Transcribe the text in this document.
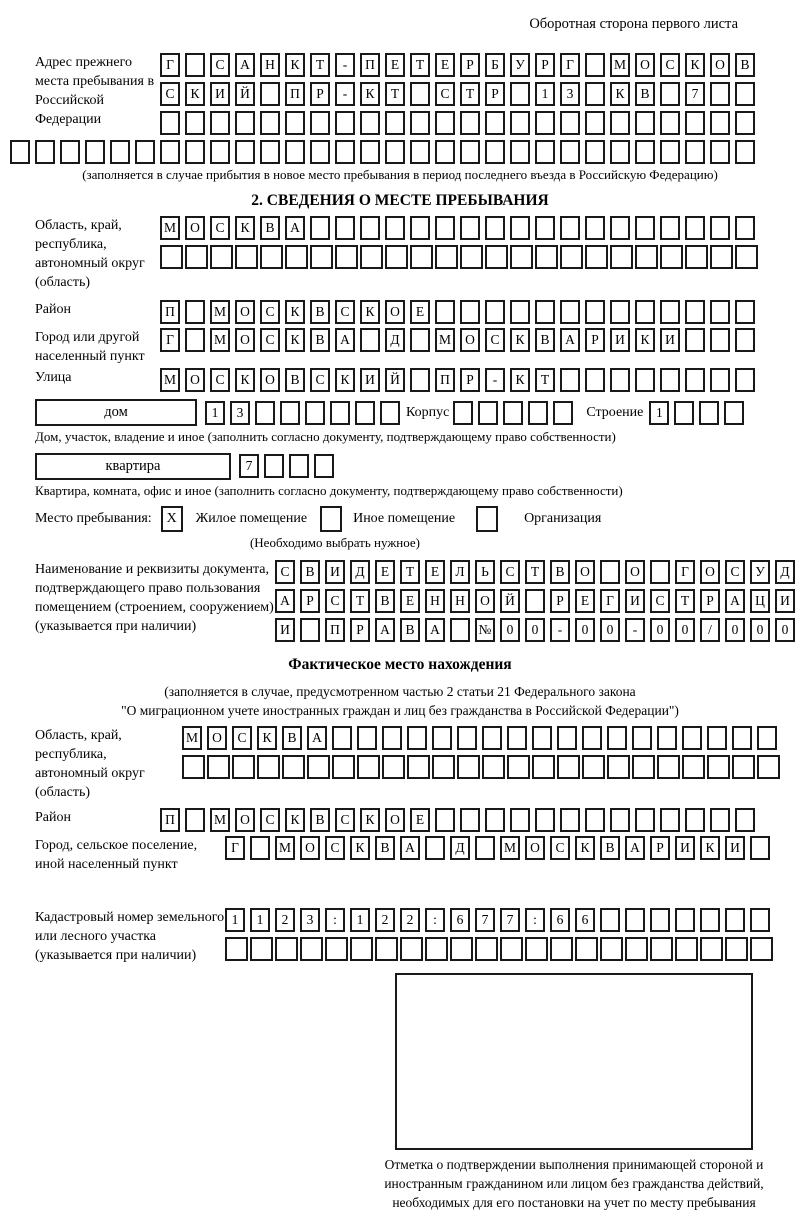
Оборотная сторона первого листа
Адрес прежнего места пребывания в Российской Федерации
Г	С	А	Н	К	Т	-	П	Е	Т	Е	Р	Б	У	Р	Г	М	О	С	К	О	В
С	К	И	Й	П	Р	-	К	Т	С	Т	Р	1	3	К	В	7
(заполняется в случае прибытия в новое место пребывания в период последнего въезда в Российскую Федерацию)
2. СВЕДЕНИЯ О МЕСТЕ ПРЕБЫВАНИЯ
Область, край, республика, автономный округ (область)
М	О	С	К	В	А
Район	П	М	О	С	К	В	С	К	О	Е
Город или другой населенный пункт
Г	М	О	С	К	В	А	Д	М	О	С	К	В	А	Р	И	К	И
Улица	М	О	С	К	О	В	С	К	И	Й	П	Р	-	К	Т
дом	1	3	Корпус	Строение 1
Дом, участок, владение и иное (заполнить согласно документу, подтверждающему право собственности)
квартира	7
Квартира, комната, офис и иное (заполнить согласно документу, подтверждающему право собственности)
Место пребывания:	X	Жилое помещение	Иное помещение	Организация
(Необходимо выбрать нужное)
Наименование и реквизиты документа, подтверждающего право пользования помещением (строением, сооружением) (указывается при наличии)
С	В	И	Д	Е	Т	Е	Л	Ь	С	Т	В	О	О	Г	О	С	У	Д
А	Р	С	Т	В	Е	Н	Н	О	Й	Р	Е	Г	И	С	Т	Р	А	Ц	И
И	П	Р	А	В	А	№	0	0	-	0	0	-	0	0	/	0	0	0
Фактическое место нахождения
(заполняется в случае, предусмотренном частью 2 статьи 21 Федерального закона
"О миграционном учете иностранных граждан и лиц без гражданства в Российской Федерации")
Область, край, республика, автономный округ (область)
М	О	С	К	В	А
Район	П	М	О	С	К	В	С	К	О	Е
Город, сельское поселение, иной населенный пункт
Г	М	О	С	К	В	А	Д	М	О	С	К	В	А	Р	И	К	И
Кадастровый номер земельного или лесного участка (указывается при наличии)
1	1	2	3	:	1	2	2	:	6	7	7	:	6	6
Отметка о подтверждении выполнения принимающей стороной и иностранным гражданином или лицом без гражданства действий, необходимых для его постановки на учет по месту пребывания
